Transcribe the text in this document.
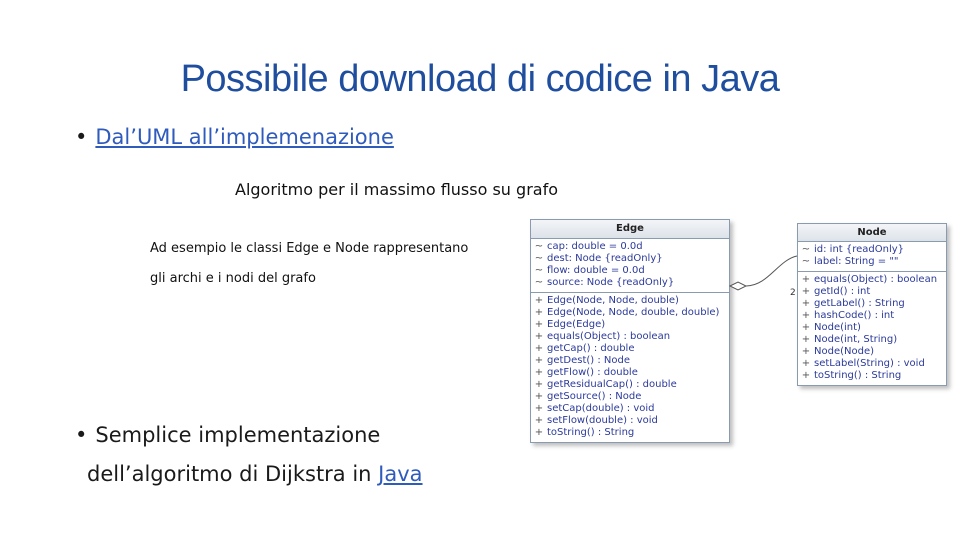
Possibile download di codice in Java
• Dal’UML all’implemenazione
Algoritmo per il massimo flusso su grafo
Ad esempio le classi Edge e Node rappresentano
gli archi e i nodi del grafo
• Semplice implementazione
dell’algoritmo di Dijkstra in Java
Edge
~ cap: double = 0.0d
~ dest: Node {readOnly}
~ flow: double = 0.0d
~ source: Node {readOnly}
+ Edge(Node, Node, double)
+ Edge(Node, Node, double, double)
+ Edge(Edge)
+ equals(Object) : boolean
+ getCap() : double
+ getDest() : Node
+ getFlow() : double
+ getResidualCap() : double
+ getSource() : Node
+ setCap(double) : void
+ setFlow(double) : void
+ toString() : String
Node
~ id: int {readOnly}
~ label: String = ""
+ equals(Object) : boolean
+ getId() : int
+ getLabel() : String
+ hashCode() : int
+ Node(int)
+ Node(int, String)
+ Node(Node)
+ setLabel(String) : void
+ toString() : String
2
